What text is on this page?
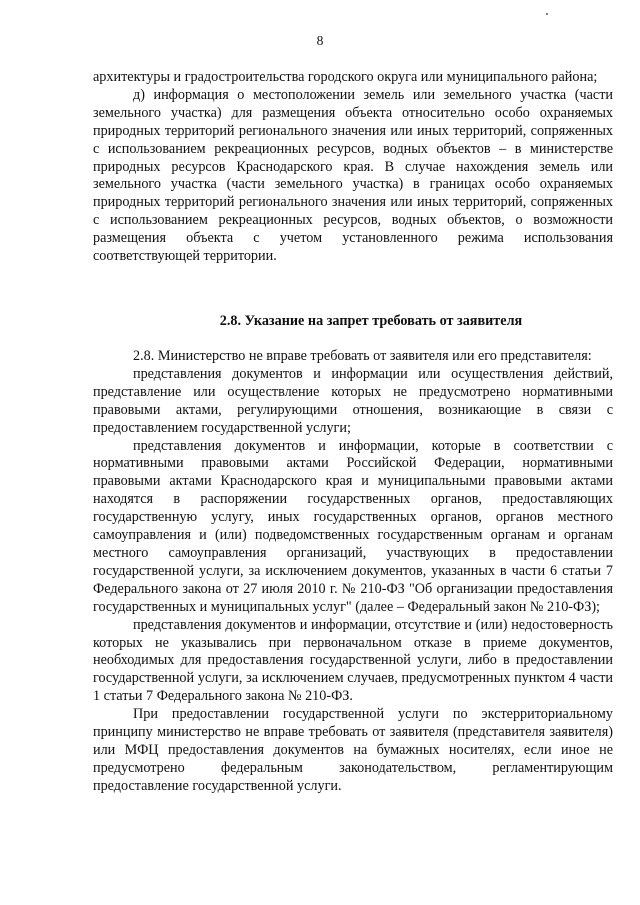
8

архитектуры и градостроительства городского округа или муниципального района;

д) информация о местоположении земель или земельного участка (части земельного участка) для размещения объекта относительно особо охраняемых природных территорий регионального значения или иных территорий, сопряженных с использованием рекреационных ресурсов, водных объектов – в министерстве природных ресурсов Краснодарского края. В случае нахождения земель или земельного участка (части земельного участка) в границах особо охраняемых природных территорий регионального значения или иных территорий, сопряженных с использованием рекреационных ресурсов, водных объектов, о возможности размещения объекта с учетом установленного режима использования соответствующей территории.

2.8. Указание на запрет требовать от заявителя

2.8. Министерство не вправе требовать от заявителя или его представителя:

представления документов и информации или осуществления действий, представление или осуществление которых не предусмотрено нормативными правовыми актами, регулирующими отношения, возникающие в связи с предоставлением государственной услуги;

представления документов и информации, которые в соответствии с нормативными правовыми актами Российской Федерации, нормативными правовыми актами Краснодарского края и муниципальными правовыми актами находятся в распоряжении государственных органов, предоставляющих государственную услугу, иных государственных органов, органов местного самоуправления и (или) подведомственных государственным органам и органам местного самоуправления организаций, участвующих в предоставлении государственной услуги, за исключением документов, указанных в части 6 статьи 7 Федерального закона от 27 июля 2010 г. № 210-ФЗ "Об организации предоставления государственных и муниципальных услуг" (далее – Федеральный закон № 210-ФЗ);

представления документов и информации, отсутствие и (или) недостоверность которых не указывались при первоначальном отказе в приеме документов, необходимых для предоставления государственной услуги, либо в предоставлении государственной услуги, за исключением случаев, предусмотренных пунктом 4 части 1 статьи 7 Федерального закона № 210-ФЗ.

При предоставлении государственной услуги по экстерриториальному принципу министерство не вправе требовать от заявителя (представителя заявителя) или МФЦ предоставления документов на бумажных носителях, если иное не предусмотрено федеральным законодательством, регламентирующим предоставление государственной услуги.
